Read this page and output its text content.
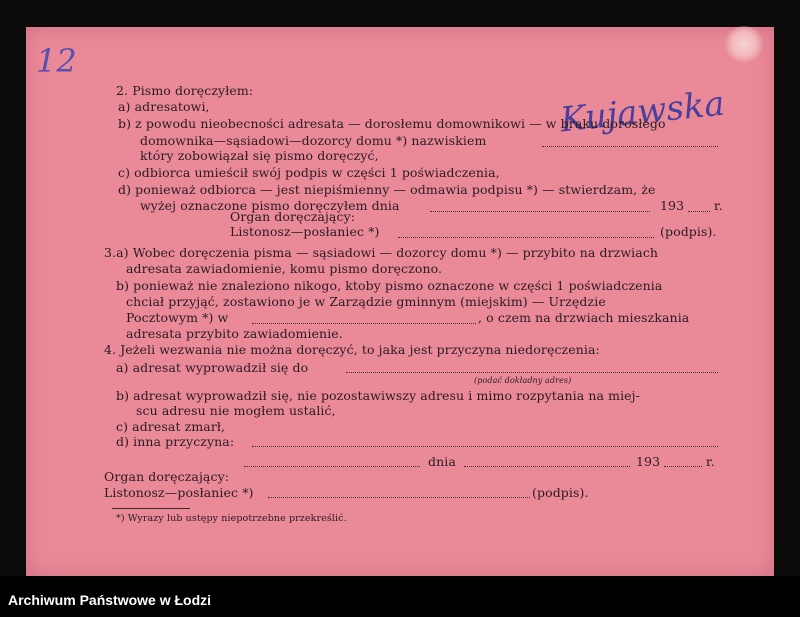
12
Kujawska
2. Pismo doręczyłem:
a) adresatowi,
b) z powodu nieobecności adresata — dorosłemu domownikowi — w braku dorosłego
domownika—sąsiadowi—dozorcy domu *) nazwiskiem
który zobowiązał się pismo doręczyć,
c) odbiorca umieścił swój podpis w części 1 poświadczenia,
d) ponieważ odbiorca — jest niepiśmienny — odmawia podpisu *) — stwierdzam, że
wyżej oznaczone pismo doręczyłem dnia	193 r.
Organ doręczający:
Listonosz—posłaniec *)	(podpis).
3.a) Wobec doręczenia pisma — sąsiadowi — dozorcy domu *) — przybito na drzwiach
adresata zawiadomienie, komu pismo doręczono.
b) ponieważ nie znaleziono nikogo, ktoby pismo oznaczone w części 1 poświadczenia
chciał przyjąć, zostawiono je w Zarządzie gminnym (miejskim) — Urzędzie
Pocztowym *) w	, o czem na drzwiach mieszkania
adresata przybito zawiadomienie.
4. Jeżeli wezwania nie można doręczyć, to jaka jest przyczyna niedoręczenia:
a) adresat wyprowadził się do
(podać dokładny adres)
b) adresat wyprowadził się, nie pozostawiwszy adresu i mimo rozpytania na miej-
scu adresu nie mogłem ustalić,
c) adresat zmarł,
d) inna przyczyna:
dnia	193	r.
Organ doręczający:
Listonosz—posłaniec *)	(podpis).
*) Wyrazy lub ustępy niepotrzebne przekreślić.
Archiwum Państwowe w Łodzi
